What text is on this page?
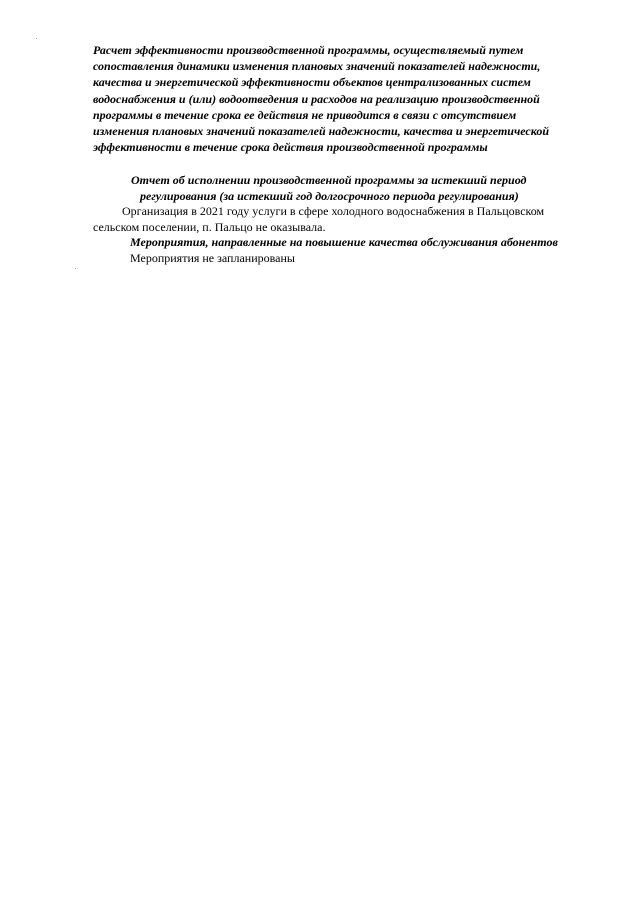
Расчет эффективности производственной программы, осуществляемый путем
сопоставления динамики изменения плановых значений показателей надежности,
качества и энергетической эффективности объектов централизованных систем
водоснабжения и (или) водоотведения и расходов на реализацию производственной
программы в течение срока ее действия не приводится в связи с отсутствием
изменения плановых значений показателей надежности, качества и энергетической
эффективности в течение срока действия производственной программы
Отчет об исполнении производственной программы за истекший период
регулирования (за истекший год долгосрочного периода регулирования)
Организация в 2021 году услуги в сфере холодного водоснабжения в Пальцовском
сельском поселении, п. Пальцо не оказывала.
Мероприятия, направленные на повышение качества обслуживания абонентов
Мероприятия не запланированы
